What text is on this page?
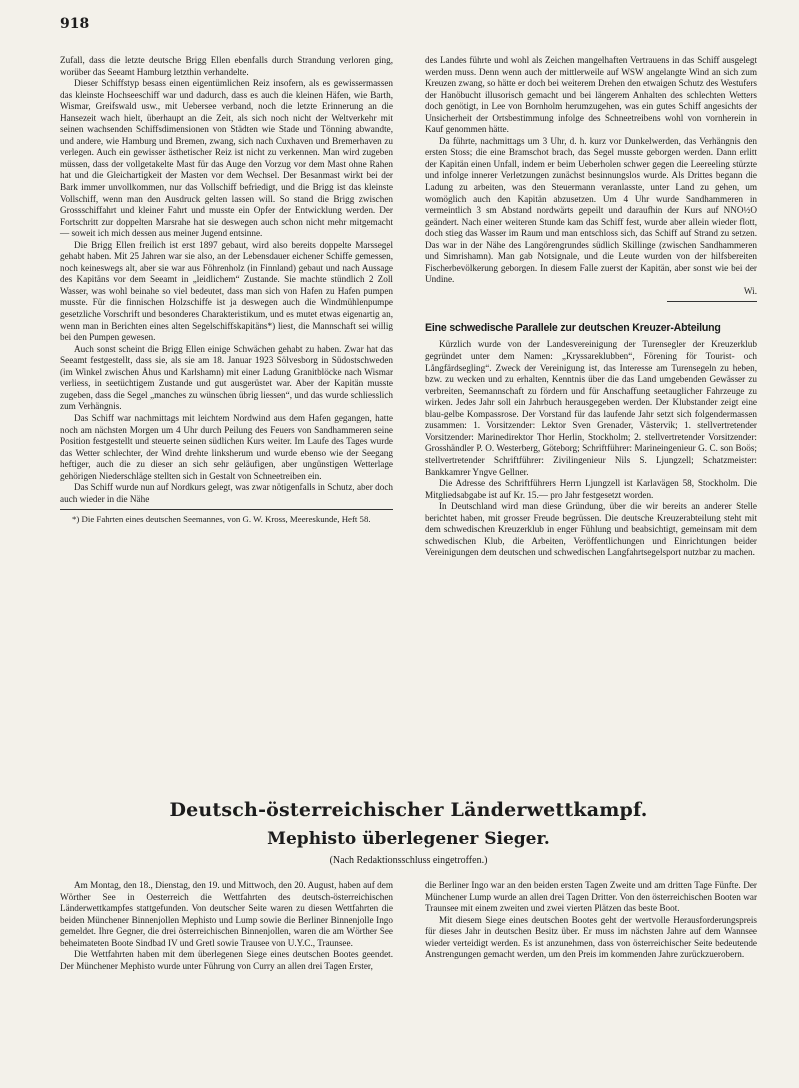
918

Zufall, dass die letzte deutsche Brigg Ellen ebenfalls durch Strandung verloren ging, worüber das Seeamt Hamburg letzthin verhandelte.

Dieser Schiffstyp besass einen eigentümlichen Reiz insofern, als es gewissermassen das kleinste Hochseeschiff war und dadurch, dass es auch die kleinen Häfen, wie Barth, Wismar, Greifswald usw., mit Uebersee verband, noch die letzte Erinnerung an die Hansezeit wach hielt, überhaupt an die Zeit, als sich noch nicht der Weltverkehr mit seinen wachsenden Schiffsdimensionen von Städten wie Stade und Tönning abwandte, und andere, wie Hamburg und Bremen, zwang, sich nach Cuxhaven und Bremerhaven zu verlegen. Auch ein gewisser ästhetischer Reiz ist nicht zu verkennen. Man wird zugeben müssen, dass der vollgetakelte Mast für das Auge den Vorzug vor dem Mast ohne Rahen hat und die Gleichartigkeit der Masten vor dem Wechsel. Der Besanmast wirkt bei der Bark immer unvollkommen, nur das Vollschiff befriedigt, und die Brigg ist das kleinste Vollschiff, wenn man den Ausdruck gelten lassen will. So stand die Brigg zwischen Grossschiffahrt und kleiner Fahrt und musste ein Opfer der Entwicklung werden. Der Fortschritt zur doppelten Marsrahe hat sie deswegen auch schon nicht mehr mitgemacht — soweit ich mich dessen aus meiner Jugend entsinne.

Die Brigg Ellen freilich ist erst 1897 gebaut, wird also bereits doppelte Marssegel gehabt haben. Mit 25 Jahren war sie also, an der Lebensdauer eichener Schiffe gemessen, noch keineswegs alt, aber sie war aus Föhrenholz (in Finnland) gebaut und nach Aussage des Kapitäns vor dem Seeamt in „leidlichem“ Zustande. Sie machte stündlich 2 Zoll Wasser, was wohl beinahe so viel bedeutet, dass man sich von Hafen zu Hafen pumpen musste. Für die finnischen Holzschiffe ist ja deswegen auch die Windmühlenpumpe gesetzliche Vorschrift und besonderes Charakteristikum, und es mutet etwas eigenartig an, wenn man in Berichten eines alten Segelschiffskapitäns*) liest, die Mannschaft sei willig bei den Pumpen gewesen.

Auch sonst scheint die Brigg Ellen einige Schwächen gehabt zu haben. Zwar hat das Seeamt festgestellt, dass sie, als sie am 18. Januar 1923 Sölvesborg in Südostschweden (im Winkel zwischen Åhus und Karlshamn) mit einer Ladung Granitblöcke nach Wismar verliess, in seetüchtigem Zustande und gut ausgerüstet war. Aber der Kapitän musste zugeben, dass die Segel „manches zu wünschen übrig liessen“, und das wurde schliesslich zum Verhängnis.

Das Schiff war nachmittags mit leichtem Nordwind aus dem Hafen gegangen, hatte noch am nächsten Morgen um 4 Uhr durch Peilung des Feuers von Sandhammeren seine Position festgestellt und steuerte seinen südlichen Kurs weiter. Im Laufe des Tages wurde das Wetter schlechter, der Wind drehte linksherum und wurde ebenso wie der Seegang heftiger, auch die zu dieser an sich sehr geläufigen, aber ungünstigen Wetterlage gehörigen Niederschläge stellten sich in Gestalt von Schneetreiben ein.

Das Schiff wurde nun auf Nordkurs gelegt, was zwar nötigenfalls in Schutz, aber doch auch wieder in die Nähe

*) Die Fahrten eines deutschen Seemannes, von G. W. Kross, Meereskunde, Heft 58.

des Landes führte und wohl als Zeichen mangelhaften Vertrauens in das Schiff ausgelegt werden muss. Denn wenn auch der mittlerweile auf WSW angelangte Wind an sich zum Kreuzen zwang, so hätte er doch bei weiterem Drehen den etwaigen Schutz des Westufers der Hanöbucht illusorisch gemacht und bei längerem Anhalten des schlechten Wetters doch genötigt, in Lee von Bornholm herumzugehen, was ein gutes Schiff angesichts der Unsicherheit der Ortsbestimmung infolge des Schneetreibens wohl von vornherein in Kauf genommen hätte.

Da führte, nachmittags um 3 Uhr, d. h. kurz vor Dunkelwerden, das Verhängnis den ersten Stoss; die eine Bramschot brach, das Segel musste geborgen werden. Dann erlitt der Kapitän einen Unfall, indem er beim Ueberholen schwer gegen die Leereeling stürzte und infolge innerer Verletzungen zunächst besinnungslos wurde. Als Drittes begann die Ladung zu arbeiten, was den Steuermann veranlasste, unter Land zu gehen, um womöglich auch den Kapitän abzusetzen. Um 4 Uhr wurde Sandhammeren in vermeintlich 3 sm Abstand nordwärts gepeilt und daraufhin der Kurs auf NNO½O geändert. Nach einer weiteren Stunde kam das Schiff fest, wurde aber allein wieder flott, doch stieg das Wasser im Raum und man entschloss sich, das Schiff auf Strand zu setzen. Das war in der Nähe des Langörengrundes südlich Skillinge (zwischen Sandhammeren und Simrishamn). Man gab Notsignale, und die Leute wurden von der hilfsbereiten Fischerbevölkerung geborgen. In diesem Falle zuerst der Kapitän, aber sonst wie bei der Undine.

Wi.
Eine schwedische Parallele zur deutschen Kreuzer-Abteilung

Kürzlich wurde von der Landesvereinigung der Turensegler der Kreuzerklub gegründet unter dem Namen: „Kryssareklubben“, Förening för Tourist- och Långfärdsegling“. Zweck der Vereinigung ist, das Interesse am Turensegeln zu heben, bzw. zu wecken und zu erhalten, Kenntnis über die das Land umgebenden Gewässer zu verbreiten, Seemannschaft zu fördern und für Anschaffung seetauglicher Fahrzeuge zu wirken. Jedes Jahr soll ein Jahrbuch herausgegeben werden. Der Klubstander zeigt eine blau-gelbe Kompassrose. Der Vorstand für das laufende Jahr setzt sich folgendermassen zusammen: 1. Vorsitzender: Lektor Sven Grenader, Västervik; 1. stellvertretender Vorsitzender: Marinedirektor Thor Herlin, Stockholm; 2. stellvertretender Vorsitzender: Grosshändler P. O. Westerberg, Göteborg; Schriftführer: Marineingenieur G. C. son Boös; stellvertretender Schriftführer: Zivilingenieur Nils S. Ljungzell; Schatzmeister: Bankkamrer Yngve Gellner.

Die Adresse des Schriftführers Herrn Ljungzell ist Karlavägen 58, Stockholm. Die Mitgliedsabgabe ist auf Kr. 15.— pro Jahr festgesetzt worden.

In Deutschland wird man diese Gründung, über die wir bereits an anderer Stelle berichtet haben, mit grosser Freude begrüssen. Die deutsche Kreuzerabteilung steht mit dem schwedischen Kreuzerklub in enger Fühlung und beabsichtigt, gemeinsam mit dem schwedischen Klub, die Arbeiten, Veröffentlichungen und Einrichtungen beider Vereinigungen dem deutschen und schwedischen Langfahrtsegelsport nutzbar zu machen.

Deutsch-österreichischer Länderwettkampf.
Mephisto überlegener Sieger.
(Nach Redaktionsschluss eingetroffen.)

Am Montag, den 18., Dienstag, den 19. und Mittwoch, den 20. August, haben auf dem Wörther See in Oesterreich die Wettfahrten des deutsch-österreichischen Länderwettkampfes stattgefunden. Von deutscher Seite waren zu diesen Wettfahrten die beiden Münchener Binnenjollen Mephisto und Lump sowie die Berliner Binnenjolle Ingo gemeldet. Ihre Gegner, die drei österreichischen Binnenjollen, waren die am Wörther See beheimateten Boote Sindbad IV und Gretl sowie Trausee von U.Y.C., Traunsee.

Die Wettfahrten haben mit dem überlegenen Siege eines deutschen Bootes geendet. Der Münchener Mephisto wurde unter Führung von Curry an allen drei Tagen Erster,

die Berliner Ingo war an den beiden ersten Tagen Zweite und am dritten Tage Fünfte. Der Münchener Lump wurde an allen drei Tagen Dritter. Von den österreichischen Booten war Traunsee mit einem zweiten und zwei vierten Plätzen das beste Boot.

Mit diesem Siege eines deutschen Bootes geht der wertvolle Herausforderungspreis für dieses Jahr in deutschen Besitz über. Er muss im nächsten Jahre auf dem Wannsee wieder verteidigt werden. Es ist anzunehmen, dass von österreichischer Seite bedeutende Anstrengungen gemacht werden, um den Preis im kommenden Jahre zurückzuerobern.
